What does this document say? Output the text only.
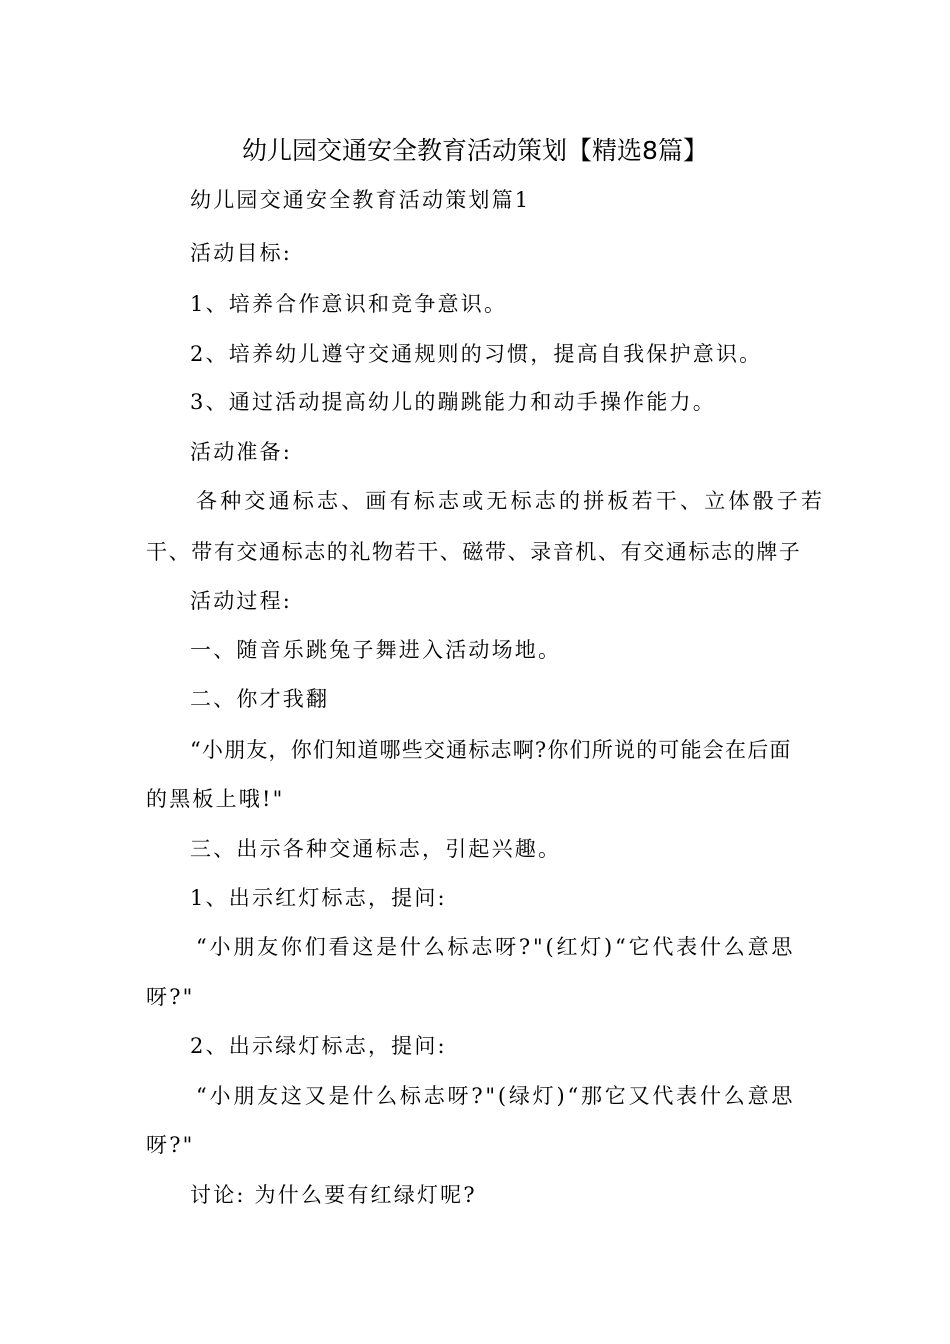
幼儿园交通安全教育活动策划【精选8篇】
幼儿园交通安全教育活动策划篇1
活动目标:
1、培养合作意识和竞争意识。
2、培养幼儿遵守交通规则的习惯，提高自我保护意识。
3、通过活动提高幼儿的蹦跳能力和动手操作能力。
活动准备:
各种交通标志、画有标志或无标志的拼板若干、立体骰子若
干、带有交通标志的礼物若干、磁带、录音机、有交通标志的牌子
活动过程:
一、随音乐跳兔子舞进入活动场地。
二、你才我翻
“小朋友，你们知道哪些交通标志啊?你们所说的可能会在后面
的黑板上哦!"
三、出示各种交通标志，引起兴趣。
1、出示红灯标志，提问:
“小朋友你们看这是什么标志呀?"(红灯)“它代表什么意思
呀?"
2、出示绿灯标志，提问:
“小朋友这又是什么标志呀?"(绿灯)“那它又代表什么意思
呀?"
讨论: 为什么要有红绿灯呢?
